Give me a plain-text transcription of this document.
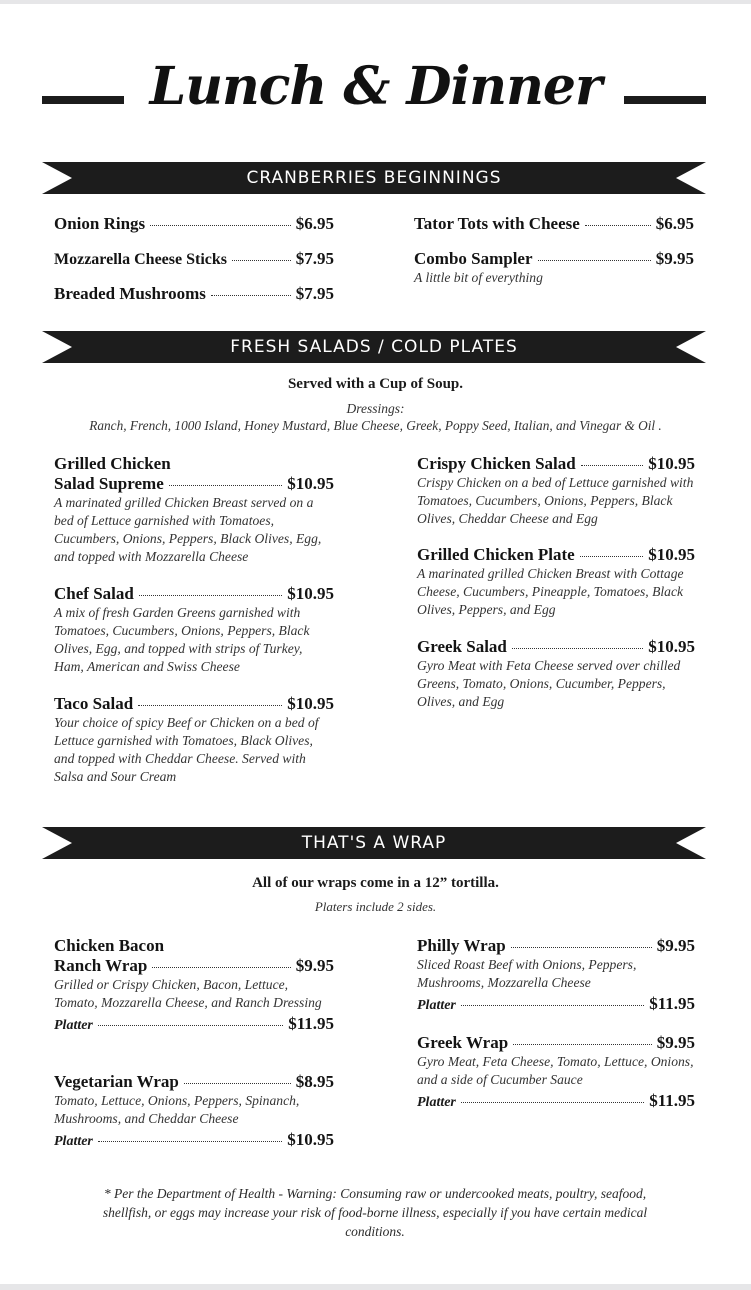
Lunch & Dinner
CRANBERRIES BEGINNINGS
Onion Rings	$6.95
Mozzarella Cheese Sticks	$7.95
Breaded Mushrooms	$7.95
Tator Tots with Cheese	$6.95
Combo Sampler	$9.95
A little bit of everything
FRESH SALADS / COLD PLATES
Served with a Cup of Soup.
Dressings:
Ranch, French, 1000 Island, Honey Mustard, Blue Cheese, Greek, Poppy Seed, Italian, and Vinegar & Oil .
Grilled Chicken
Salad Supreme	$10.95
A marinated grilled Chicken Breast served on a bed of Lettuce garnished with Tomatoes, Cucumbers, Onions, Peppers, Black Olives, Egg, and topped with Mozzarella Cheese
Chef Salad	$10.95
A mix of fresh Garden Greens garnished with Tomatoes, Cucumbers, Onions, Peppers, Black Olives, Egg, and topped with strips of Turkey, Ham, American and Swiss Cheese
Taco Salad	$10.95
Your choice of spicy Beef or Chicken on a bed of Lettuce garnished with Tomatoes, Black Olives, and topped with Cheddar Cheese. Served with Salsa and Sour Cream
Crispy Chicken Salad	$10.95
Crispy Chicken on a bed of Lettuce garnished with Tomatoes, Cucumbers, Onions, Peppers, Black Olives, Cheddar Cheese and Egg
Grilled Chicken Plate	$10.95
A marinated grilled Chicken Breast with Cottage Cheese, Cucumbers, Pineapple, Tomatoes, Black Olives, Peppers, and Egg
Greek Salad	$10.95
Gyro Meat with Feta Cheese served over chilled Greens, Tomato, Onions, Cucumber, Peppers, Olives, and Egg
THAT'S A WRAP
All of our wraps come in a 12” tortilla.
Platers include 2 sides.
Chicken Bacon
Ranch Wrap	$9.95
Grilled or Crispy Chicken, Bacon, Lettuce, Tomato, Mozzarella Cheese, and Ranch Dressing
Platter	$11.95
Vegetarian Wrap	$8.95
Tomato, Lettuce, Onions, Peppers, Spinanch, Mushrooms, and Cheddar Cheese
Platter	$10.95
Philly Wrap	$9.95
Sliced Roast Beef with Onions, Peppers, Mushrooms, Mozzarella Cheese
Platter	$11.95
Greek Wrap	$9.95
Gyro Meat, Feta Cheese, Tomato, Lettuce, Onions, and a side of Cucumber Sauce
Platter	$11.95
* Per the Department of Health - Warning: Consuming raw or undercooked meats, poultry, seafood, shellfish, or eggs may increase your risk of food-borne illness, especially if you have certain medical conditions.
